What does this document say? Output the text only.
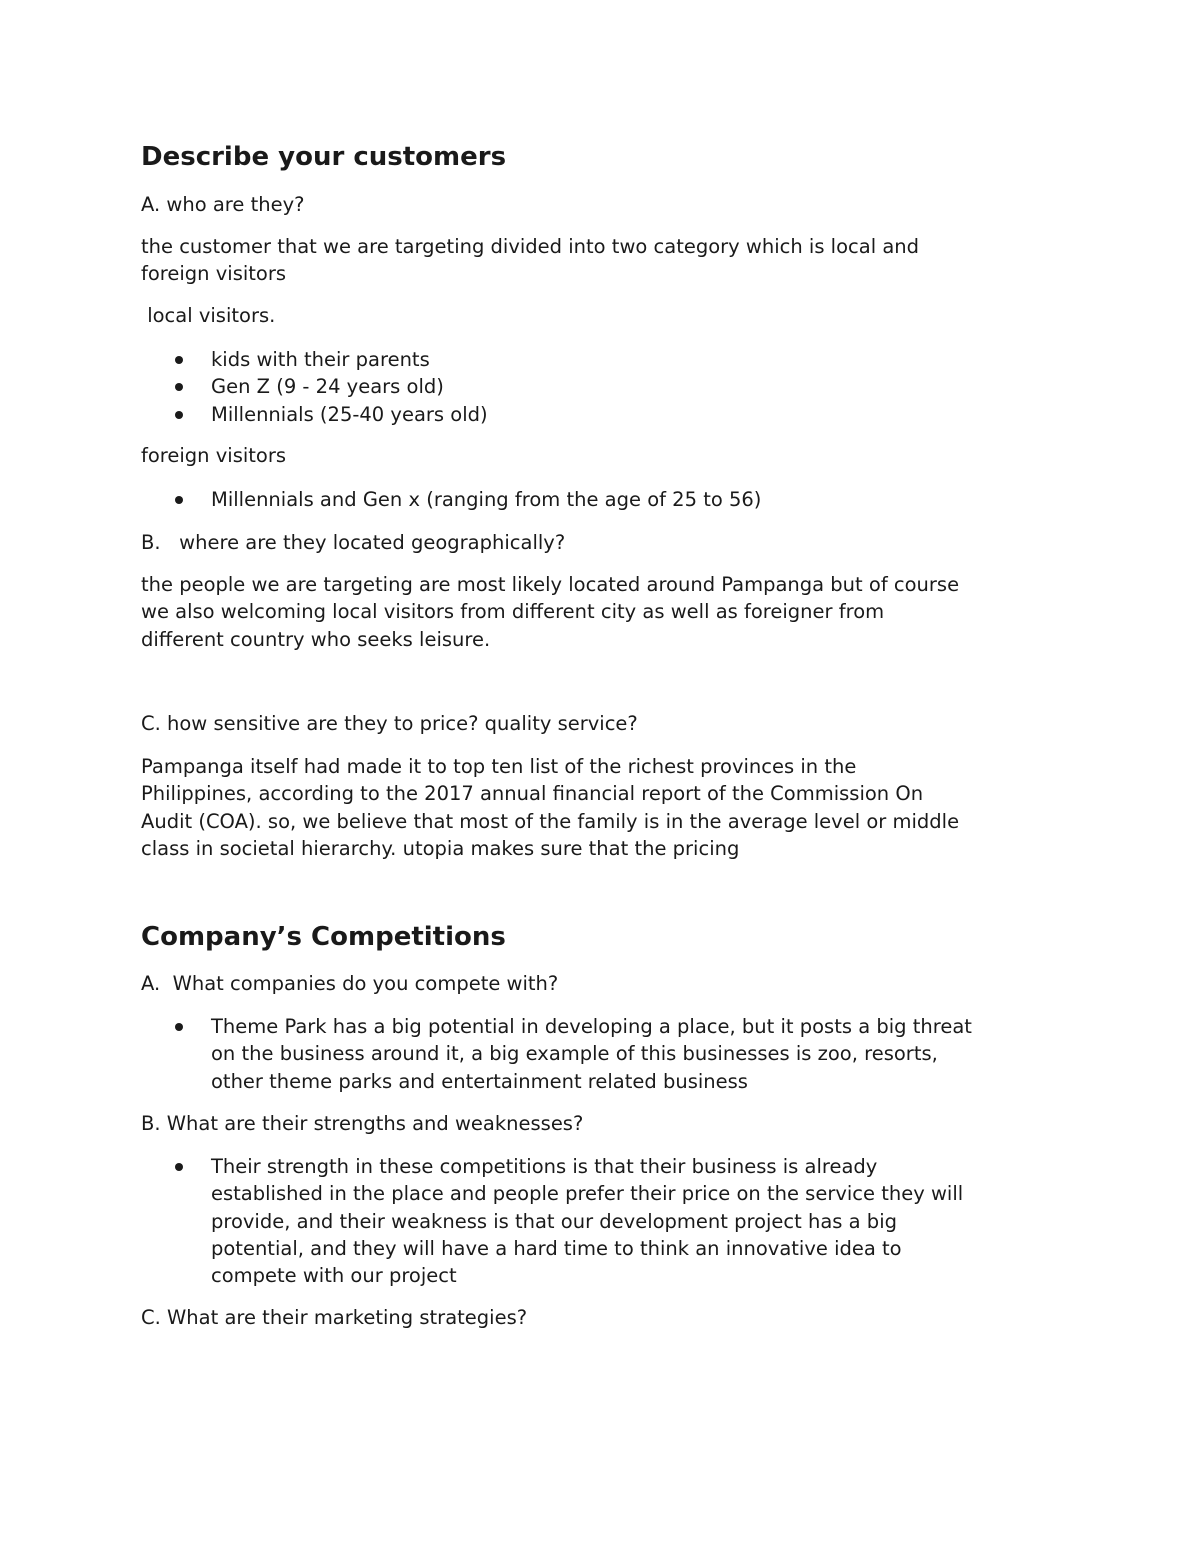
Describe your customers
A. who are they?
the customer that we are targeting divided into two category which is local and
foreign visitors
local visitors.
kids with their parents
Gen Z (9 - 24 years old)
Millennials (25-40 years old)
foreign visitors
Millennials and Gen x (ranging from the age of 25 to 56)
B.   where are they located geographically?
the people we are targeting are most likely located around Pampanga but of course
we also welcoming local visitors from different city as well as foreigner from
different country who seeks leisure.
C. how sensitive are they to price? quality service?
Pampanga itself had made it to top ten list of the richest provinces in the
Philippines, according to the 2017 annual financial report of the Commission On
Audit (COA). so, we believe that most of the family is in the average level or middle
class in societal hierarchy. utopia makes sure that the pricing
Company’s Competitions
A.  What companies do you compete with?
Theme Park has a big potential in developing a place, but it posts a big threat
on the business around it, a big example of this businesses is zoo, resorts,
other theme parks and entertainment related business
B. What are their strengths and weaknesses?
Their strength in these competitions is that their business is already
established in the place and people prefer their price on the service they will
provide, and their weakness is that our development project has a big
potential, and they will have a hard time to think an innovative idea to
compete with our project
C. What are their marketing strategies?
